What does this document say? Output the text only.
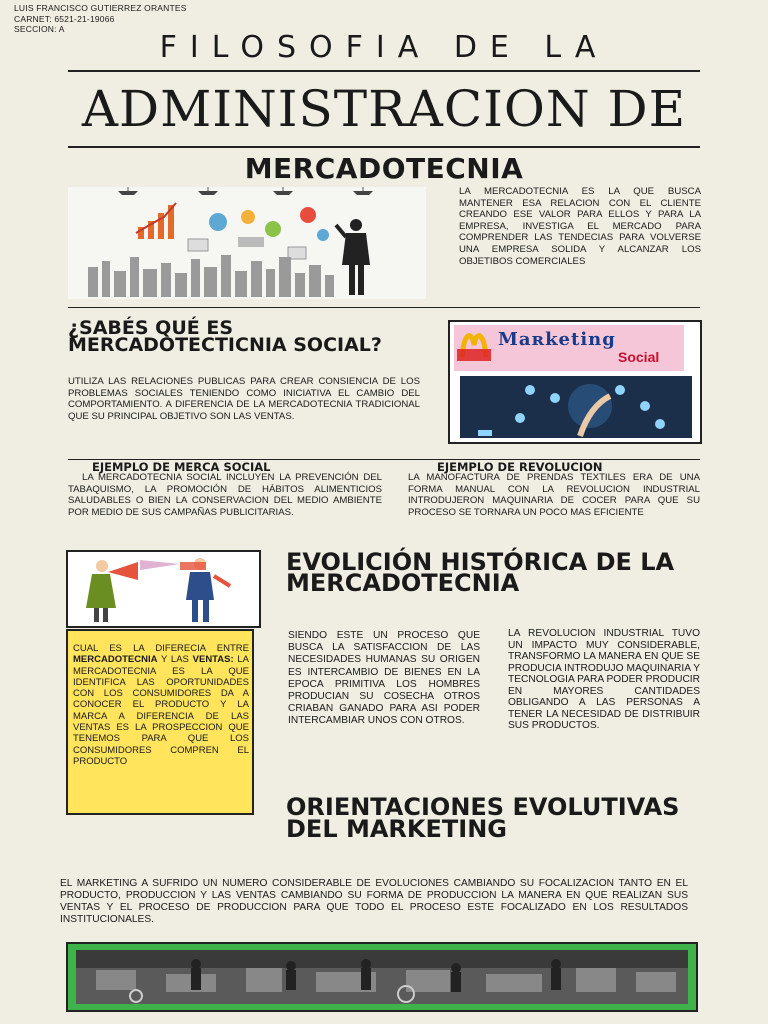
LUIS FRANCISCO GUTIERREZ ORANTES
CARNET: 6521-21-19066
SECCION: A
FILOSOFIA DE LA
ADMINISTRACION DE
MERCADOTECNIA
LA MERCADOTECNIA ES LA QUE BUSCA MANTENER ESA RELACION CON EL CLIENTE CREANDO ESE VALOR PARA ELLOS Y PARA LA EMPRESA, INVESTIGA EL MERCADO PARA COMPRENDER LAS TENDECIAS PARA VOLVERSE UNA EMPRESA SOLIDA Y ALCANZAR LOS OBJETIBOS COMERCIALES
¿SABÉS QUÉ ES MERCADOTECTICNIA SOCIAL?
UTILIZA LAS RELACIONES PUBLICAS PARA CREAR CONSIENCIA DE LOS PROBLEMAS SOCIALES TENIENDO COMO INICIATIVA EL CAMBIO DEL COMPORTAMIENTO. A DIFERENCIA DE LA MERCADOTECNIA TRADICIONAL QUE SU PRINCIPAL OBJETIVO SON LAS VENTAS.
Maʀketing
Social
EJEMPLO DE MERCA SOCIAL	EJEMPLO DE REVOLUCION
LA MERCADOTECNIA SOCIAL INCLUYEN LA PREVENCIÓN DEL TABAQUISMO, LA PROMOCIÓN DE HÁBITOS ALIMENTICIOS SALUDABLES O BIEN LA CONSERVACION DEL MEDIO AMBIENTE POR MEDIO DE SUS CAMPAÑAS PUBLICITARIAS.
LA MANOFACTURA DE PRENDAS TEXTILES ERA DE UNA FORMA MANUAL CON LA REVOLUCION INDUSTRIAL INTRODUJERON MAQUINARIA DE COCER PARA QUE SU PROCESO SE TORNARA UN POCO MAS EFICIENTE
EVOLICIÓN HISTÓRICA DE LA MERCADOTECNIA
CUAL ES LA DIFERECIA ENTRE MERCADOTECNIA Y LAS VENTAS: LA MERCADOTECNIA ES LA QUE IDENTIFICA LAS OPORTUNIDADES CON LOS CONSUMIDORES DA A CONOCER EL PRODUCTO Y LA MARCA A DIFERENCIA DE LAS VENTAS ES LA PROSPECCION QUE TENEMOS PARA QUE LOS CONSUMIDORES COMPREN EL PRODUCTO
SIENDO ESTE UN PROCESO QUE BUSCA LA SATISFACCION DE LAS NECESIDADES HUMANAS SU ORIGEN ES INTERCAMBIO DE BIENES EN LA EPOCA PRIMITIVA LOS HOMBRES PRODUCIAN SU COSECHA OTROS CRIABAN GANADO PARA ASI PODER INTERCAMBIAR UNOS CON OTROS.
LA REVOLUCION INDUSTRIAL TUVO UN IMPACTO MUY CONSIDERABLE, TRANSFORMO LA MANERA EN QUE SE PRODUCIA INTRODUJO MAQUINARIA Y TECNOLOGIA PARA PODER PRODUCIR EN MAYORES CANTIDADES OBLIGANDO A LAS PERSONAS A TENER LA NECESIDAD DE DISTRIBUIR SUS PRODUCTOS.
ORIENTACIONES EVOLUTIVAS DEL MARKETING
EL MARKETING A SUFRIDO UN NUMERO CONSIDERABLE DE EVOLUCIONES CAMBIANDO SU FOCALIZACION TANTO EN EL PRODUCTO, PRODUCCION Y LAS VENTAS CAMBIANDO SU FORMA DE PRODUCCION LA MANERA EN QUE REALIZAN SUS VENTAS Y EL PROCESO DE PRODUCCION PARA QUE TODO EL PROCESO ESTE FOCALIZADO EN LOS RESULTADOS INSTITUCIONALES.
